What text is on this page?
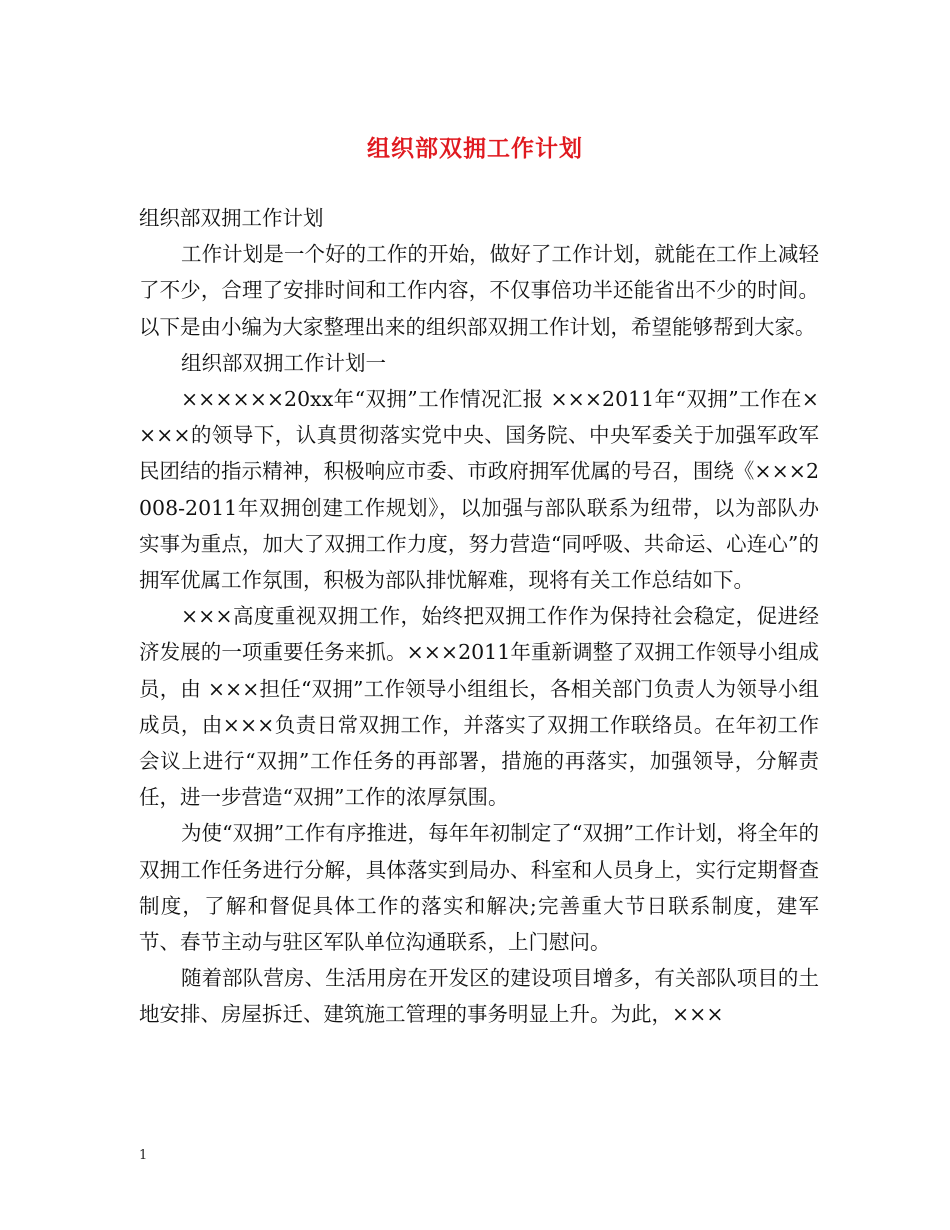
组织部双拥工作计划

组织部双拥工作计划

工作计划是一个好的工作的开始，做好了工作计划，就能在工作上减轻了不少，合理了安排时间和工作内容，不仅事倍功半还能省出不少的时间。以下是由小编为大家整理出来的组织部双拥工作计划，希望能够帮到大家。

组织部双拥工作计划一

××××××20xx年“双拥”工作情况汇报 ×××2011年“双拥”工作在××××的领导下，认真贯彻落实党中央、国务院、中央军委关于加强军政军民团结的指示精神，积极响应市委、市政府拥军优属的号召，围绕《×××2008-2011年双拥创建工作规划》，以加强与部队联系为纽带，以为部队办实事为重点，加大了双拥工作力度，努力营造“同呼吸、共命运、心连心”的拥军优属工作氛围，积极为部队排忧解难，现将有关工作总结如下。

×××高度重视双拥工作，始终把双拥工作作为保持社会稳定，促进经济发展的一项重要任务来抓。×××2011年重新调整了双拥工作领导小组成员，由 ×××担任“双拥”工作领导小组组长，各相关部门负责人为领导小组成员，由×××负责日常双拥工作，并落实了双拥工作联络员。在年初工作会议上进行“双拥”工作任务的再部署，措施的再落实，加强领导，分解责任，进一步营造“双拥”工作的浓厚氛围。

为使“双拥”工作有序推进，每年年初制定了“双拥”工作计划，将全年的双拥工作任务进行分解，具体落实到局办、科室和人员身上，实行定期督查制度，了解和督促具体工作的落实和解决;完善重大节日联系制度，建军节、春节主动与驻区军队单位沟通联系，上门慰问。

随着部队营房、生活用房在开发区的建设项目增多，有关部队项目的土地安排、房屋拆迁、建筑施工管理的事务明显上升。为此，×××

1
